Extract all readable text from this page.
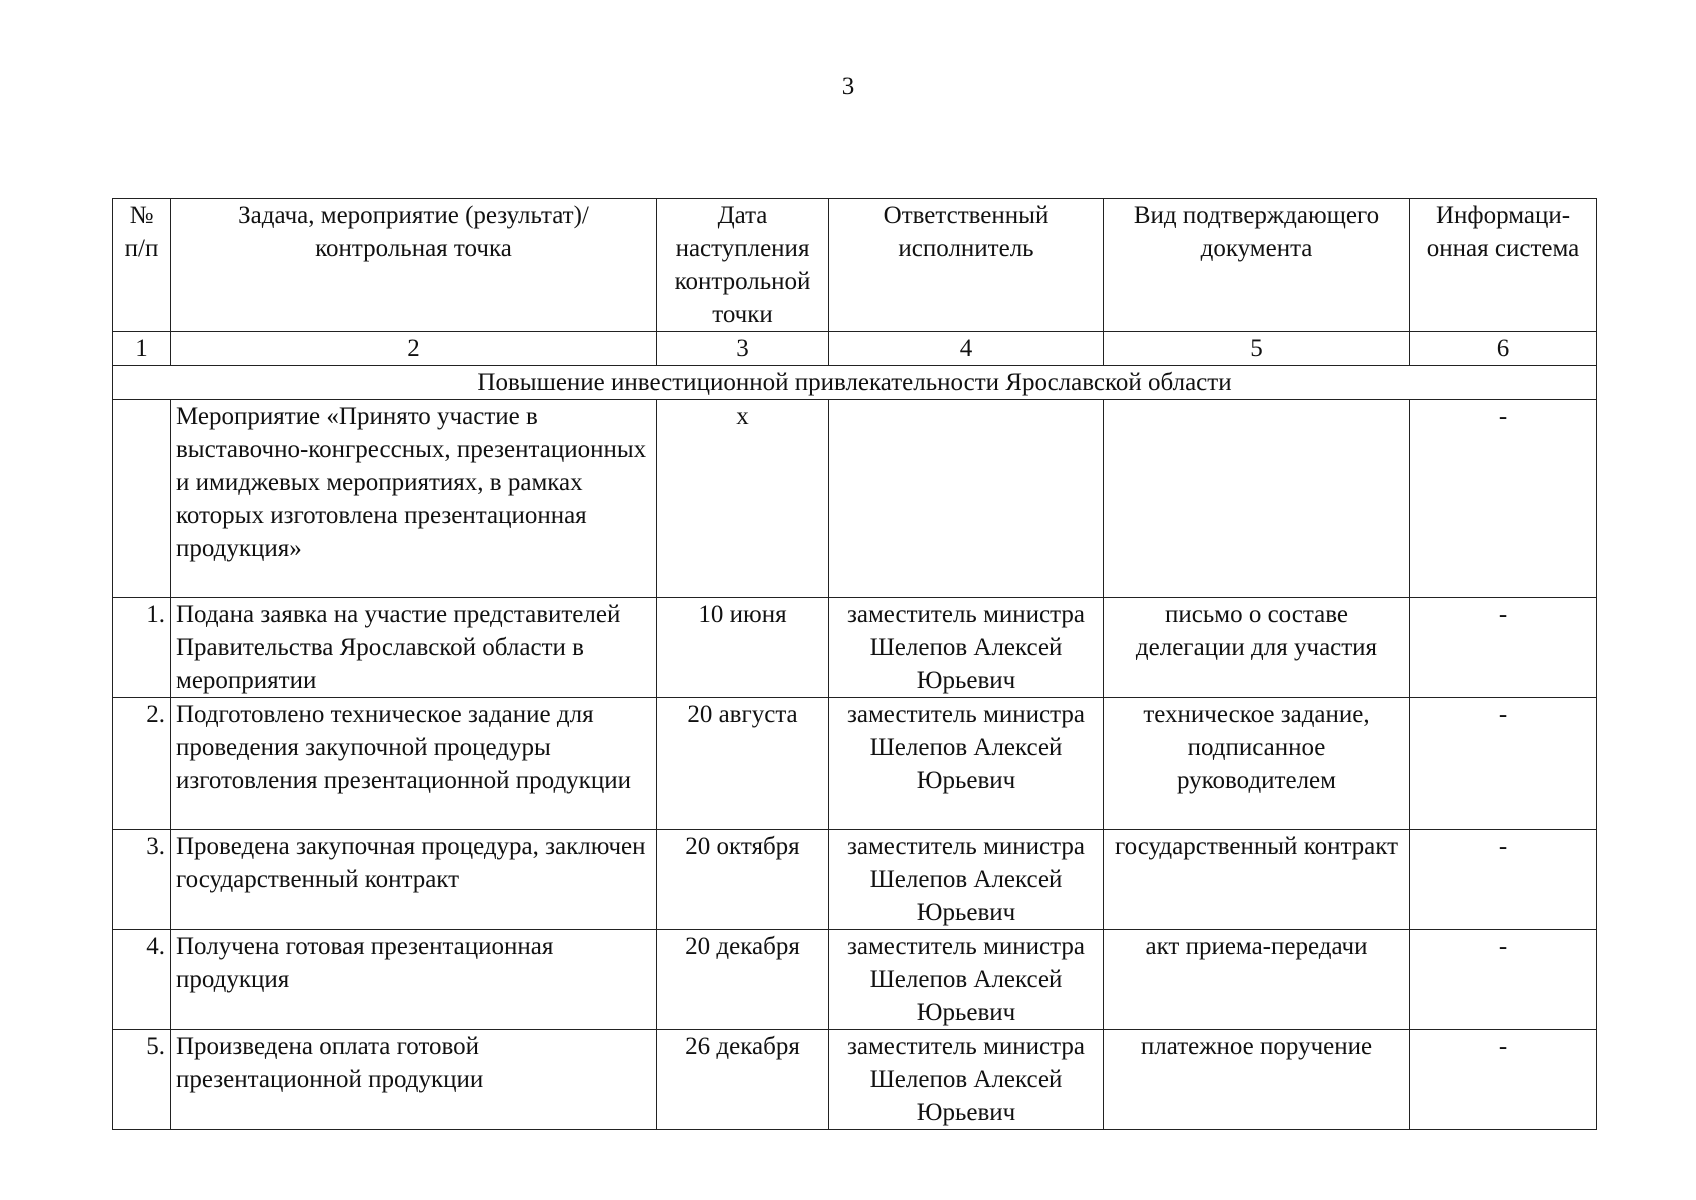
3
№ п/п	Задача, мероприятие (результат)/ контрольная точка	Дата наступления контрольной точки	Ответственный исполнитель	Вид подтверждающего документа	Информаци- онная система
1	2	3	4	5	6
Повышение инвестиционной привлекательности Ярославской области					
	Мероприятие «Принято участие в выставочно-конгрессных, презентационных и имиджевых мероприятиях, в рамках которых изготовлена презентационная продукция»	х			-
1.	Подана заявка на участие представителей Правительства Ярославской области в мероприятии	10 июня	заместитель министра Шелепов Алексей Юрьевич	письмо о составе делегации для участия	-
2.	Подготовлено техническое задание для проведения закупочной процедуры изготовления презентационной продукции	20 августа	заместитель министра Шелепов Алексей Юрьевич	техническое задание, подписанное руководителем	-
3.	Проведена закупочная процедура, заключен государственный контракт	20 октября	заместитель министра Шелепов Алексей Юрьевич	государственный контракт	-
4.	Получена готовая презентационная продукция	20 декабря	заместитель министра Шелепов Алексей Юрьевич	акт приема-передачи	-
5.	Произведена оплата готовой презентационной продукции	26 декабря	заместитель министра Шелепов Алексей Юрьевич	платежное поручение	-
